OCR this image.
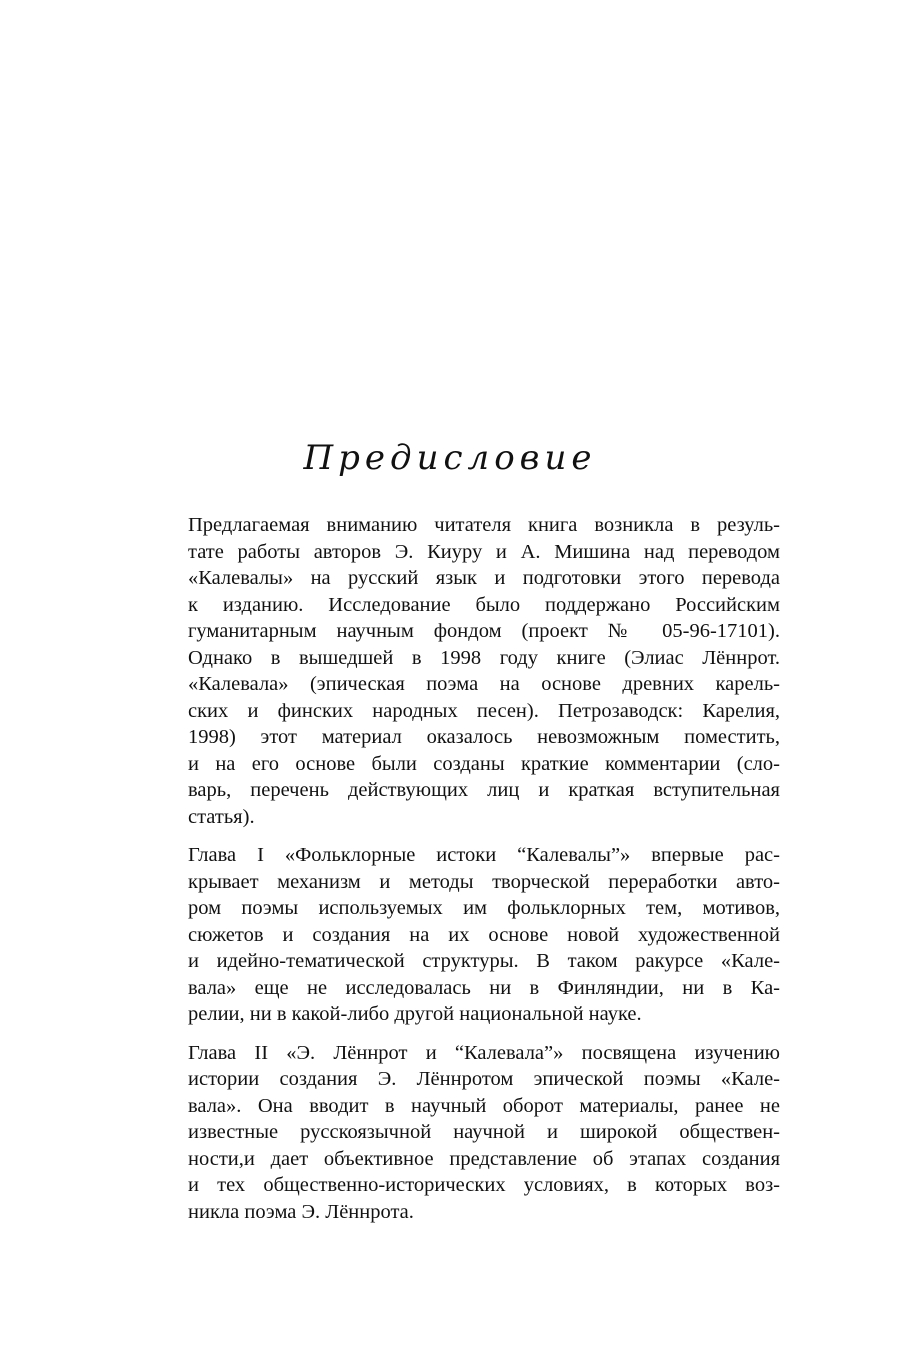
Предисловие

Предлагаемая вниманию читателя книга возникла в резуль-
тате работы авторов Э. Киуру и А. Мишина над переводом
«Калевалы» на русский язык и подготовки этого перевода
к изданию. Исследование было поддержано Российским
гуманитарным научным фондом (проект № 05-96-17101).
Однако в вышедшей в 1998 году книге (Элиас Лённрот.
«Калевала» (эпическая поэма на основе древних карель-
ских и финских народных песен). Петрозаводск: Карелия,
1998) этот материал оказалось невозможным поместить,
и на его основе были созданы краткие комментарии (сло-
варь, перечень действующих лиц и краткая вступительная
статья).

Глава I «Фольклорные истоки “Калевалы”» впервые рас-
крывает механизм и методы творческой переработки авто-
ром поэмы используемых им фольклорных тем, мотивов,
сюжетов и создания на их основе новой художественной
и идейно-тематической структуры. В таком ракурсе «Кале-
вала» еще не исследовалась ни в Финляндии, ни в Ка-
релии, ни в какой-либо другой национальной науке.

Глава II «Э. Лённрот и “Калевала”» посвящена изучению
истории создания Э. Лённротом эпической поэмы «Кале-
вала». Она вводит в научный оборот материалы, ранее не
известные русскоязычной научной и широкой обществен-
ности,и дает объективное представление об этапах создания
и тех общественно-исторических условиях, в которых воз-
никла поэма Э. Лённрота.
